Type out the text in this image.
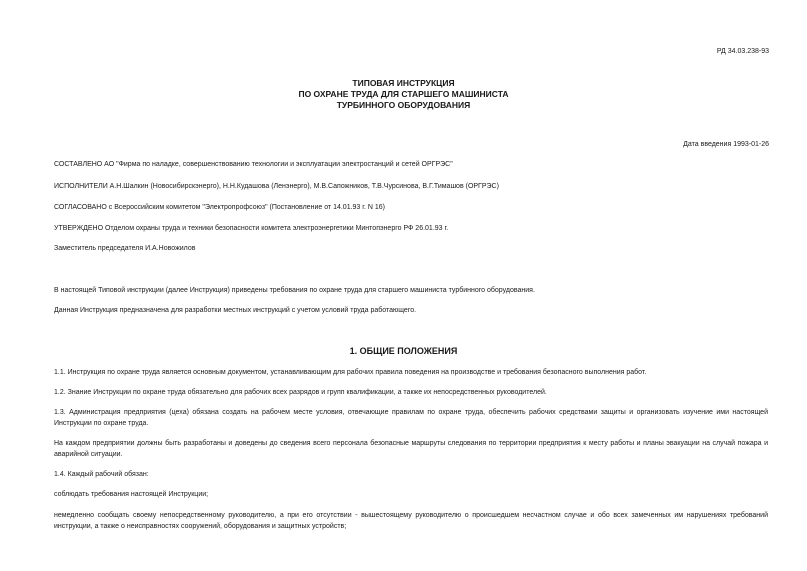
РД 34.03.238-93

ТИПОВАЯ ИНСТРУКЦИЯ

ПО ОХРАНЕ ТРУДА ДЛЯ СТАРШЕГО МАШИНИСТА

ТУРБИННОГО ОБОРУДОВАНИЯ

Дата введения 1993-01-26

СОСТАВЛЕНО АО "Фирма по наладке, совершенствованию технологии и эксплуатации электростанций и сетей ОРГРЭС"

ИСПОЛНИТЕЛИ А.Н.Шалкин (Новосибирскэнерго), Н.Н.Кудашова (Ленэнерго), М.В.Сапожников, Т.В.Чурсинова, В.Г.Тимашов (ОРГРЭС)

СОГЛАСОВАНО с Всероссийским комитетом "Электропрофсоюз" (Постановление от 14.01.93 г. N 16)

УТВЕРЖДЕНО Отделом охраны труда и техники безопасности комитета электроэнергетики Минтопэнерго РФ 26.01.93 г.

Заместитель председателя И.А.Новожилов

В настоящей Типовой инструкции (далее Инструкция) приведены требования по охране труда для старшего машиниста турбинного оборудования.

Данная Инструкция предназначена для разработки местных инструкций с учетом условий труда работающего.

1. ОБЩИЕ ПОЛОЖЕНИЯ

1.1. Инструкция по охране труда является основным документом, устанавливающим для рабочих правила поведения на производстве и требования безопасного выполнения работ.

1.2. Знание Инструкции по охране труда обязательно для рабочих всех разрядов и групп квалификации, а также их непосредственных руководителей.

1.3. Администрация предприятия (цеха) обязана создать на рабочем месте условия, отвечающие правилам по охране труда, обеспечить рабочих средствами защиты и организовать изучение ими настоящей Инструкции по охране труда.

На каждом предприятии должны быть разработаны и доведены до сведения всего персонала безопасные маршруты следования по территории предприятия к месту работы и планы эвакуации на случай пожара и аварийной ситуации.

1.4. Каждый рабочий обязан:

соблюдать требования настоящей Инструкции;

немедленно сообщать своему непосредственному руководителю, а при его отсутствии - вышестоящему руководителю о происшедшем несчастном случае и обо всех замеченных им нарушениях требований инструкции, а также о неисправностях сооружений, оборудования и защитных устройств;
